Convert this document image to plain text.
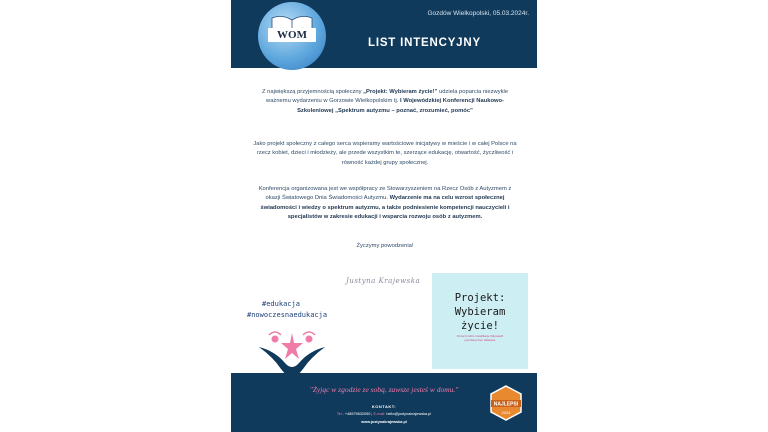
WOM
Gozdów Wielkopolski, 05.03.2024r.
LIST INTENCYJNY
Z największą przyjemnością społeczny „Projekt: Wybieram życie!” udziela poparcia niezwykle ważnemu wydarzeniu w Gorzowie Wielkopolskim tj. I Wojewódzkiej Konferencji Naukowo-Szkoleniowej „Spektrum autyzmu – poznać, zrozumieć, pomóc”
Jako projekt społeczny z całego serca wspieramy wartościowe inicjatywy w mieście i w całej Polsce na rzecz kobiet, dzieci i młodzieży, ale przede wszystkim te, szerzące edukację, otwartość, życzliwość i równość każdej grupy społecznej.
Konferencja organizowana jest we współpracy ze Stowarzyszeniem na Rzecz Osób z Autyzmem z okazji Światowego Dnia Świadomości Autyzmu. Wydarzenie ma na celu wzrost społecznej świadomości i wiedzy o spektrum autyzmu, a także podniesienie kompetencji nauczycieli i specjalistów w zakresie edukacji i wsparcia rozwoju osób z autyzmem.
Życzymy powodzenia!
Justyna Krajewska
#edukacja
#nowoczesnaedukacja
Projekt:
Wybieram
życie!
Pomocni ludzie i kwalifikacje Odpowiedź psychiatryczna i dialektyka
"Żyjąc w zgodzie ze sobą, zawsze jesteś w domu."
KONTAKT:
Tel.: +48579832050 | E-mail: hello@justynakrajewska.pl
www.justynakrajewska.pl
NAJLEPSI
2024
